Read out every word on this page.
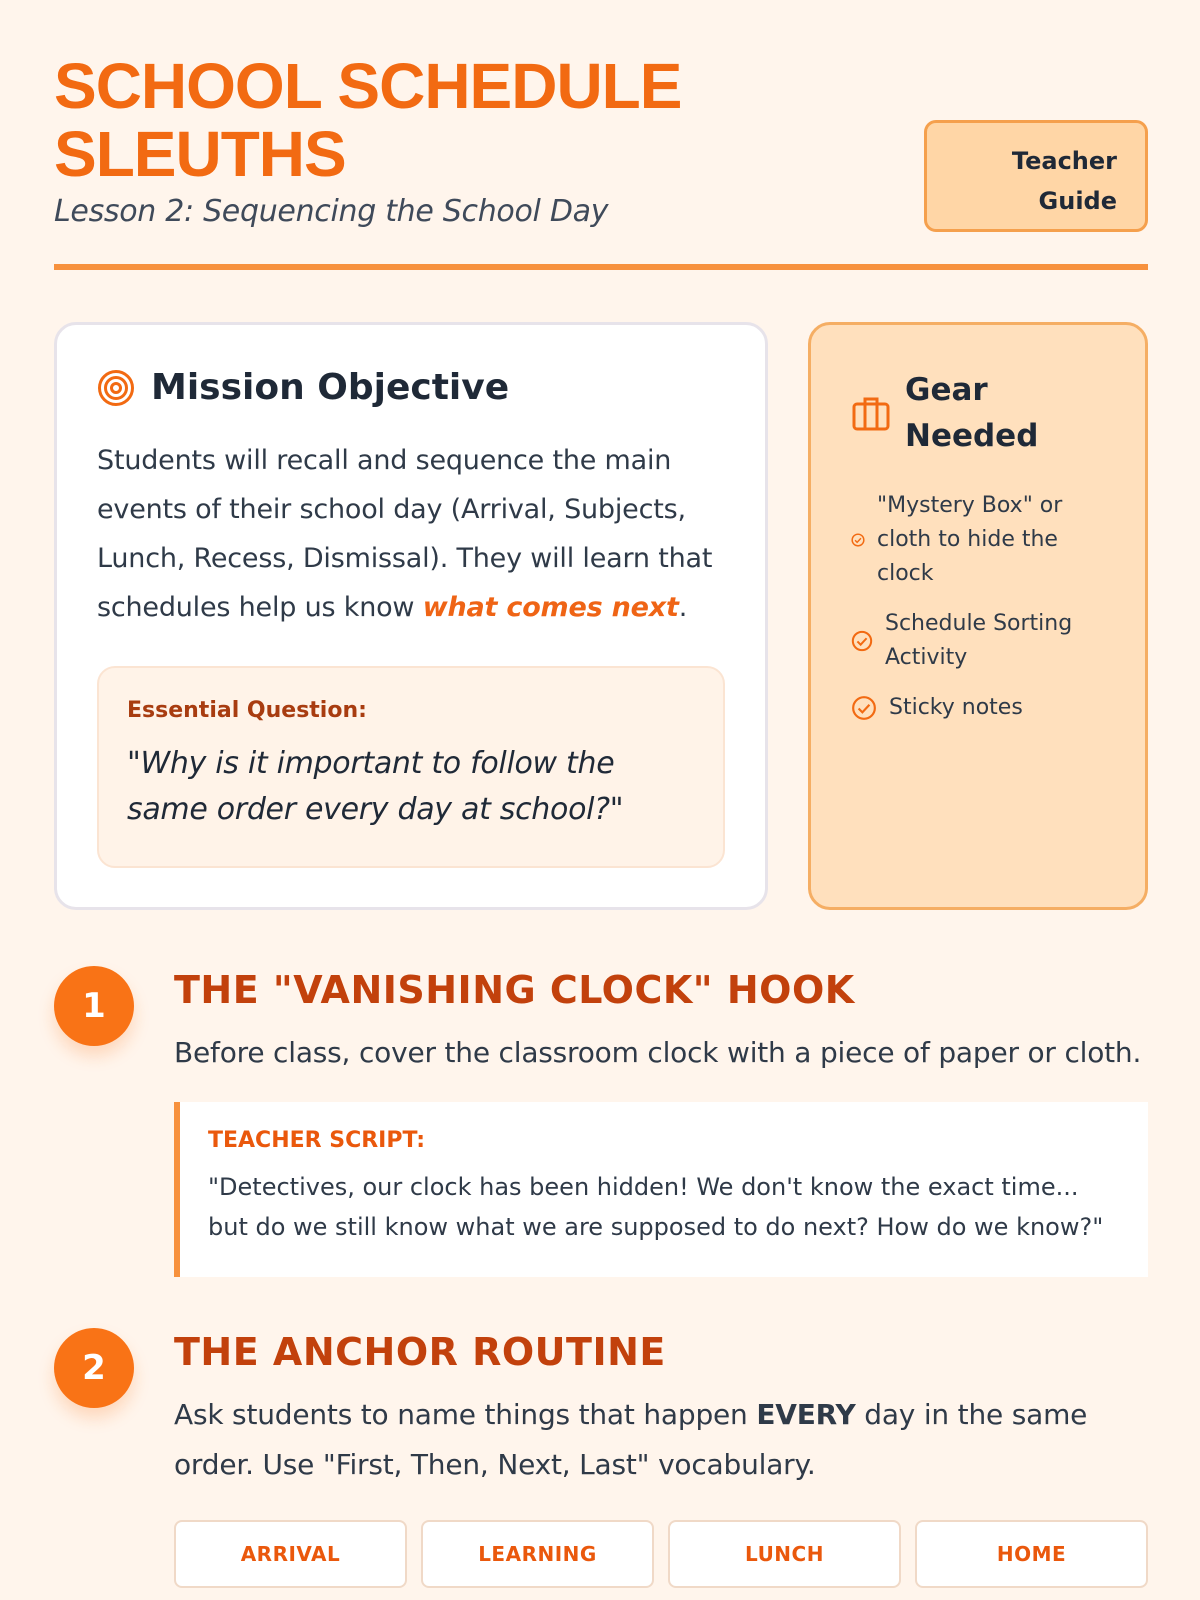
SCHOOL SCHEDULE SLEUTHS
Lesson 2: Sequencing the School Day
Teacher Guide
Mission Objective

Students will recall and sequence the main events of their school day (Arrival, Subjects, Lunch, Recess, Dismissal). They will learn that schedules help us know what comes next.

Essential Question:
"Why is it important to follow the same order every day at school?"
Gear Needed
"Mystery Box" or cloth to hide the clock
Schedule Sorting Activity
Sticky notes
1	THE "VANISHING CLOCK" HOOK

Before class, cover the classroom clock with a piece of paper or cloth.

TEACHER SCRIPT:
"Detectives, our clock has been hidden! We don't know the exact time... but do we still know what we are supposed to do next? How do we know?"
2	THE ANCHOR ROUTINE

Ask students to name things that happen EVERY day in the same order. Use "First, Then, Next, Last" vocabulary.

ARRIVAL	LEARNING	LUNCH	HOME
